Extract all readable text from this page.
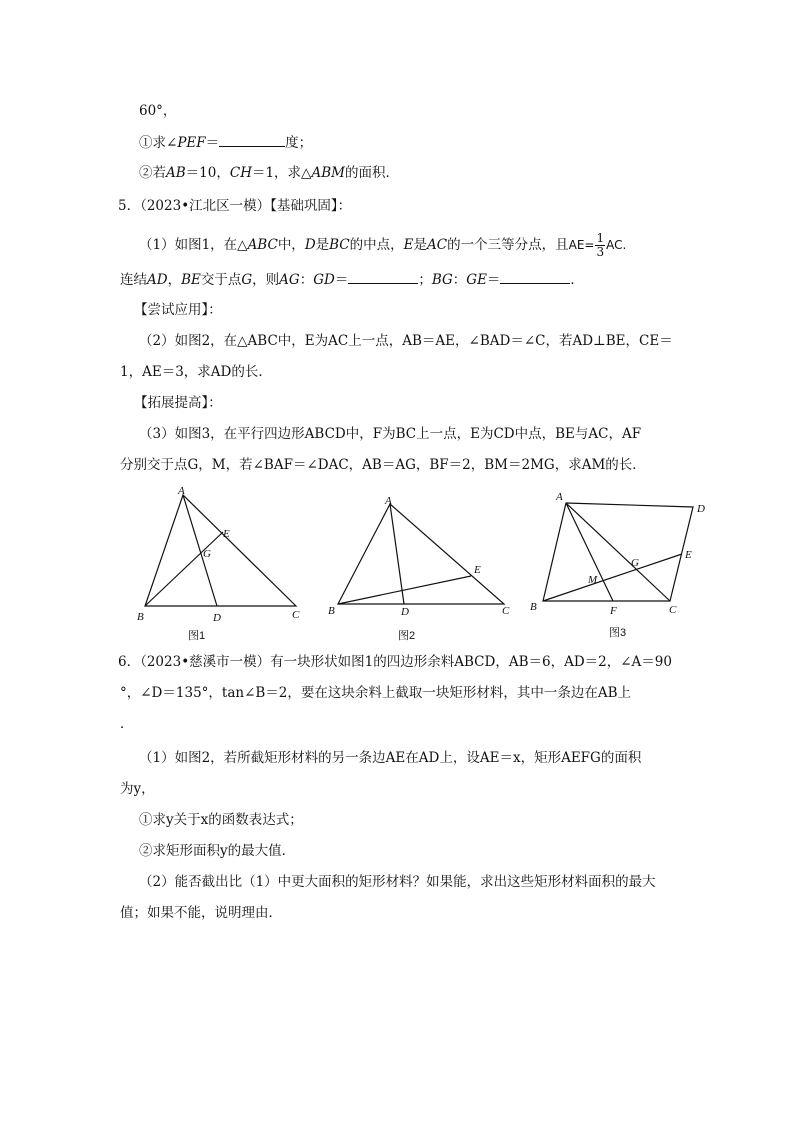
60°，
①求∠PEF＝	度；
②若AB＝10，CH＝1，求△ABM的面积．
5．（2023•江北区一模）【基础巩固】：
（1）如图1，在△ABC中，D是BC的中点，E是AC的一个三等分点，且$AE= \frac{1}{3}$ AC.
连结AD，BE交于点G，则AG：GD＝	；BG：GE＝	．
【尝试应用】：
（2）如图2，在△ABC中，E为AC上一点，AB＝AE，∠BAD＝∠C，若AD⊥BE，CE＝
1，AE＝3，求AD的长．
【拓展提高】：
（3）如图3，在平行四边形ABCD中，F为BC上一点，E为CD中点，BE与AC，AF
分别交于点G，M，若∠BAF＝∠DAC，AB＝AG，BF＝2，BM＝2MG，求AM的长．
A
B	C
D
E
G
图1
A
B	C
D
E
图2
A
B	C
D
E
F
G
M
图3
6．（2023•慈溪市一模）有一块形状如图1的四边形余料ABCD，AB＝6，AD＝2，∠A＝90
°，∠D＝135°，tan∠B＝2，要在这块余料上截取一块矩形材料，其中一条边在AB上
．
（1）如图2，若所截矩形材料的另一条边AE在AD上，设AE＝x，矩形AEFG的面积
为y，
①求y关于x的函数表达式；
②求矩形面积y的最大值．
（2）能否截出比（1）中更大面积的矩形材料？如果能，求出这些矩形材料面积的最大
值；如果不能，说明理由．
